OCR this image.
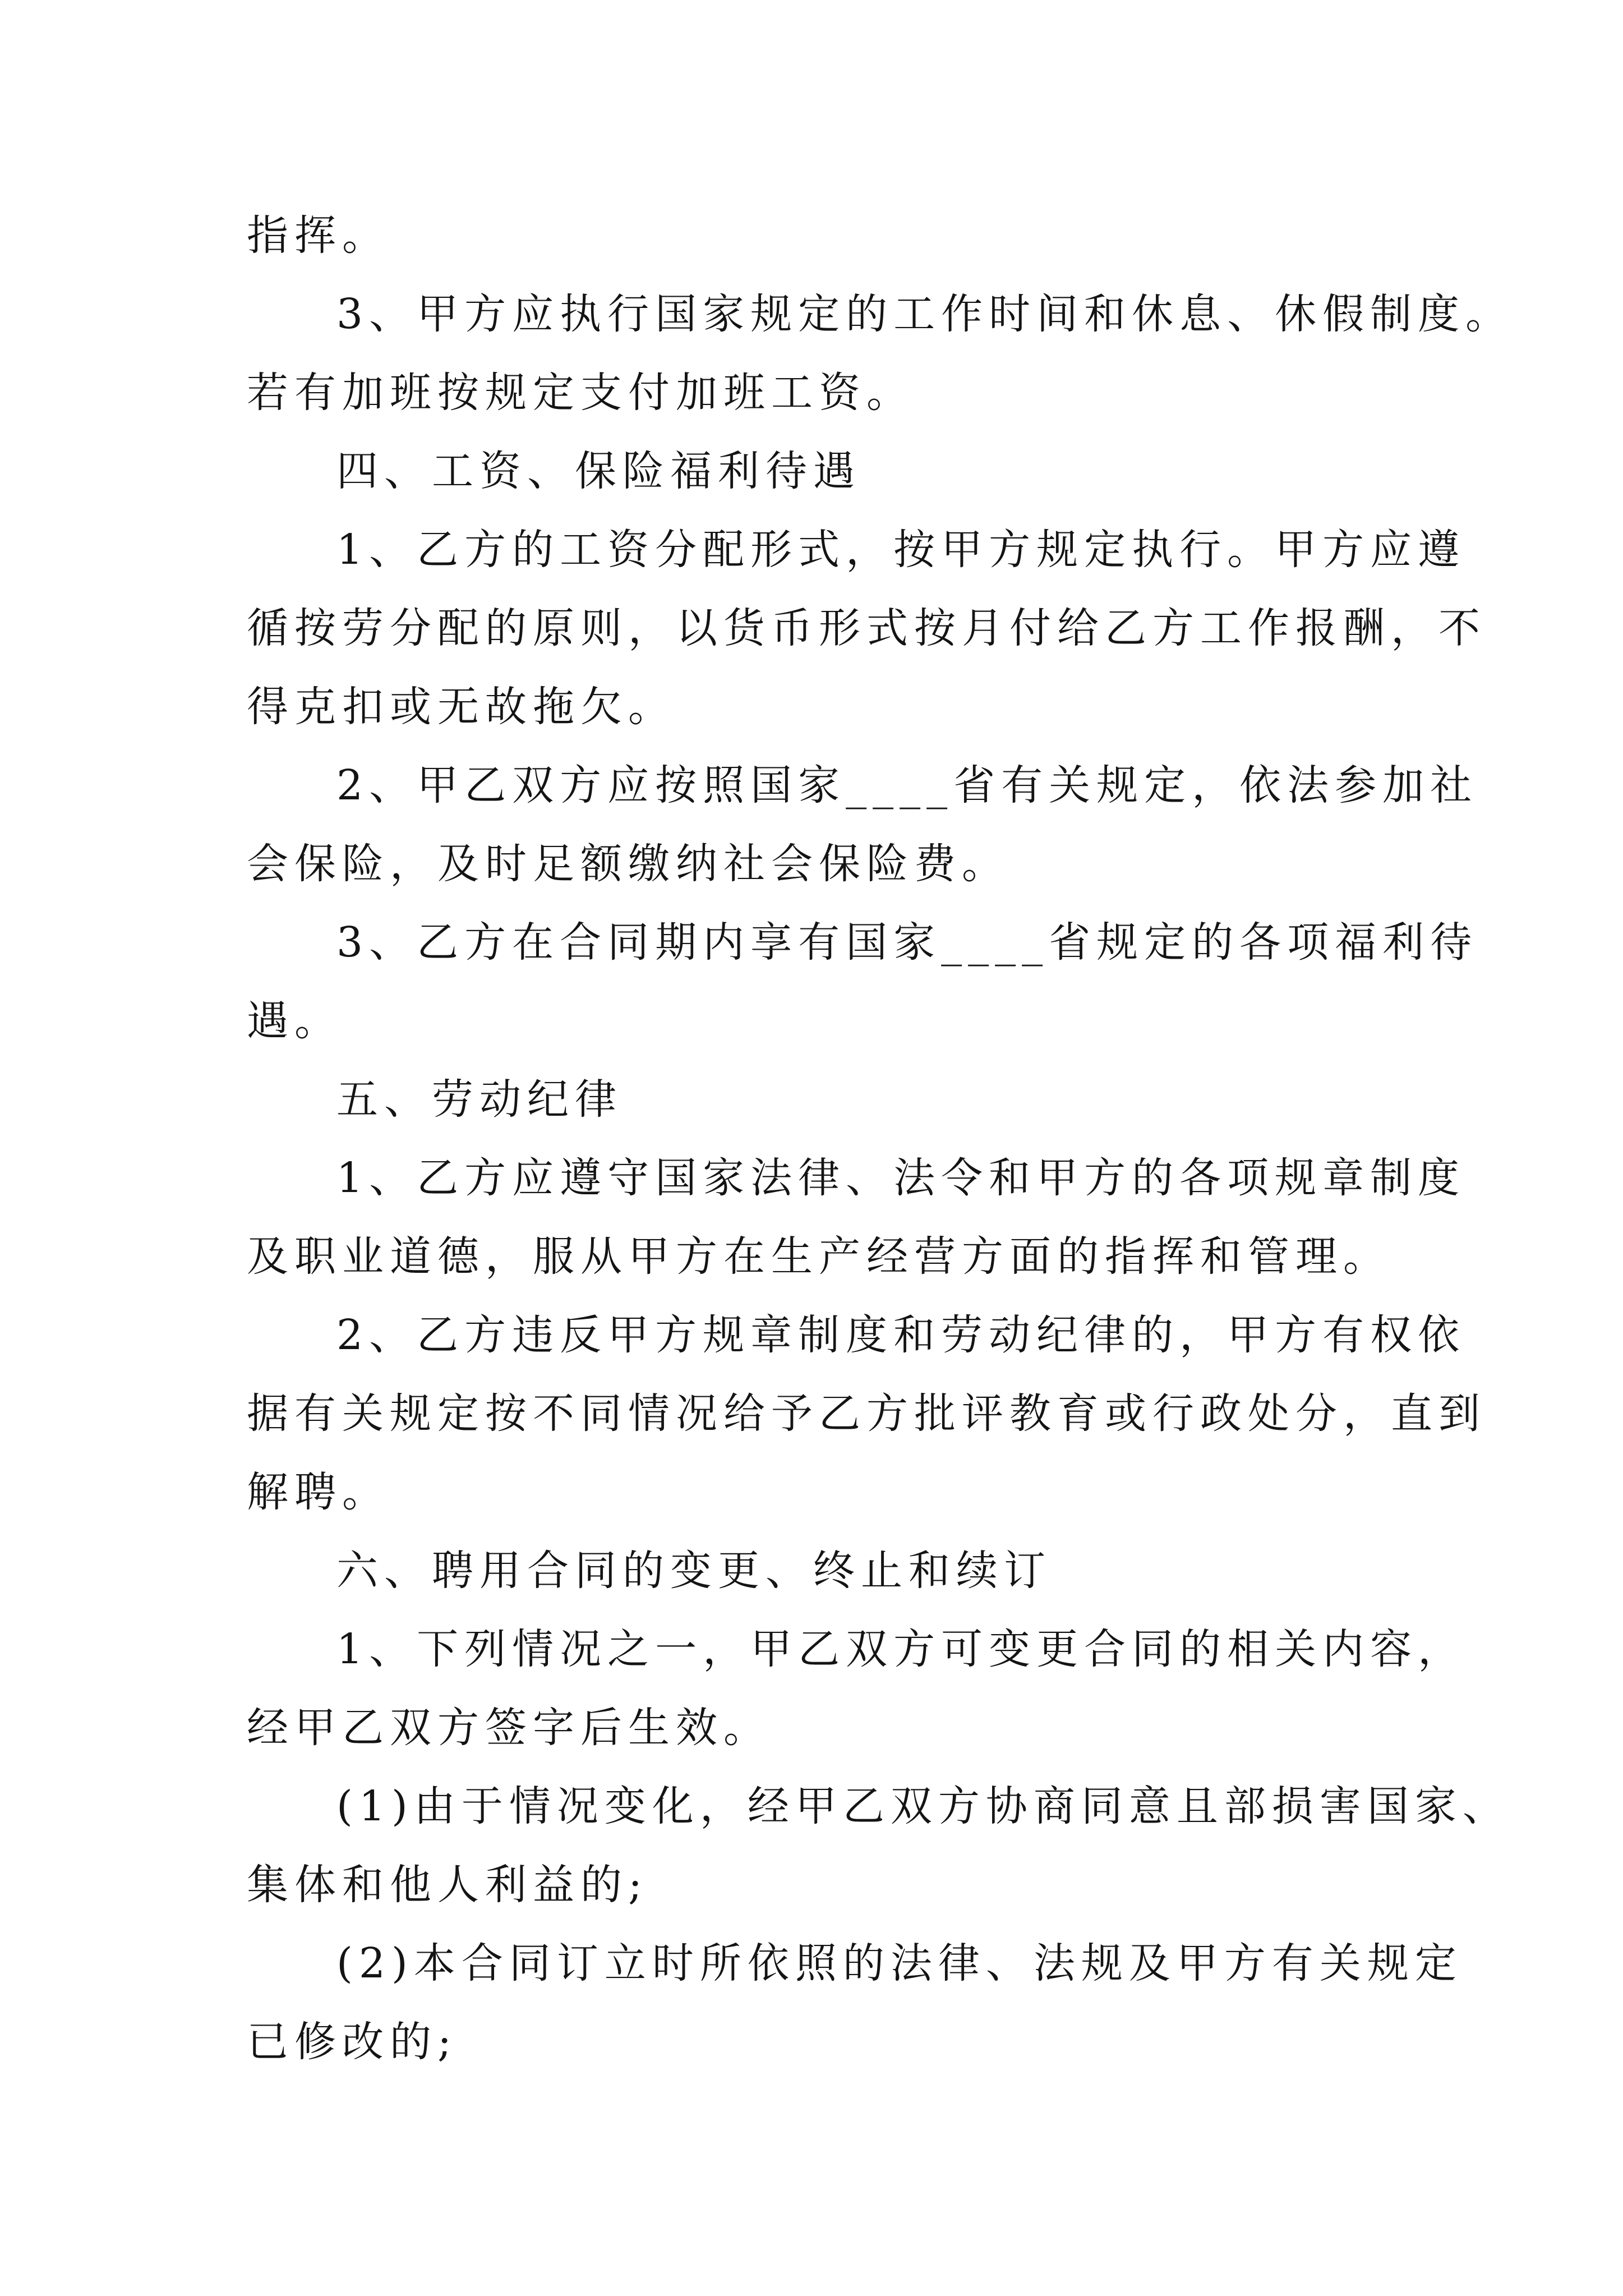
指挥。
3、甲方应执行国家规定的工作时间和休息、休假制度。
若有加班按规定支付加班工资。
四、工资、保险福利待遇
1、乙方的工资分配形式，按甲方规定执行。甲方应遵
循按劳分配的原则，以货币形式按月付给乙方工作报酬，不
得克扣或无故拖欠。
2、甲乙双方应按照国家____省有关规定，依法参加社
会保险，及时足额缴纳社会保险费。
3、乙方在合同期内享有国家____省规定的各项福利待
遇。
五、劳动纪律
1、乙方应遵守国家法律、法令和甲方的各项规章制度
及职业道德，服从甲方在生产经营方面的指挥和管理。
2、乙方违反甲方规章制度和劳动纪律的，甲方有权依
据有关规定按不同情况给予乙方批评教育或行政处分，直到
解聘。
六、聘用合同的变更、终止和续订
1、下列情况之一，甲乙双方可变更合同的相关内容，
经甲乙双方签字后生效。
(1)由于情况变化，经甲乙双方协商同意且部损害国家、
集体和他人利益的;
(2)本合同订立时所依照的法律、法规及甲方有关规定
已修改的;
